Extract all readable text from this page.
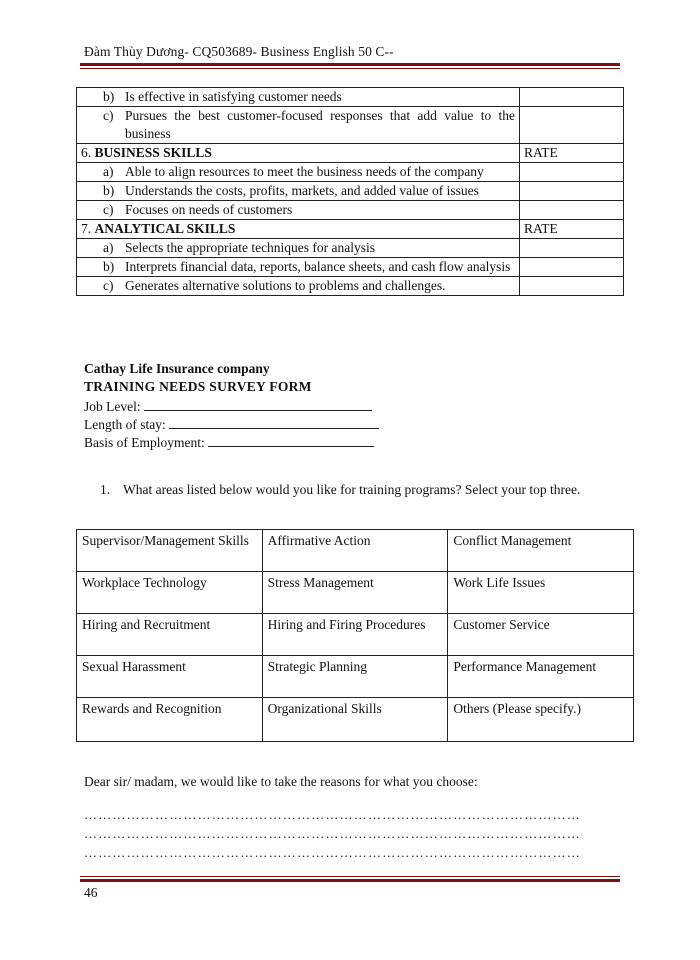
Đàm Thùy Dương- CQ503689- Business English 50 C--
b) Is effective in satisfying customer needs	

c) Pursues the best customer-focused responses that add value to the business	

6. BUSINESS SKILLS	RATE

a) Able to align resources to meet the business needs of the company	

b) Understands the costs, profits, markets, and added value of issues	

c) Focuses on needs of customers	

7. ANALYTICAL SKILLS	RATE

a) Selects the appropriate techniques for analysis	

b) Interprets financial data, reports, balance sheets, and cash flow analysis	

c) Generates alternative solutions to problems and challenges.	

Cathay Life Insurance company
TRAINING NEEDS SURVEY FORM
Job Level:
Length of stay:
Basis of Employment:
1. What areas listed below would you like for training programs? Select your top three.
Supervisor/Management Skills	Affirmative Action	Conflict Management
Workplace Technology	Stress Management	Work Life Issues
Hiring and Recruitment	Hiring and Firing Procedures	Customer Service
Sexual Harassment	Strategic Planning	Performance Management
Rewards and Recognition	Organizational Skills	Others (Please specify.)
Dear sir/ madam, we would like to take the reasons for what you choose:
……………………………………………………………………………………………
……………………………………………………………………………………………
……………………………………………………………………………………………
46
